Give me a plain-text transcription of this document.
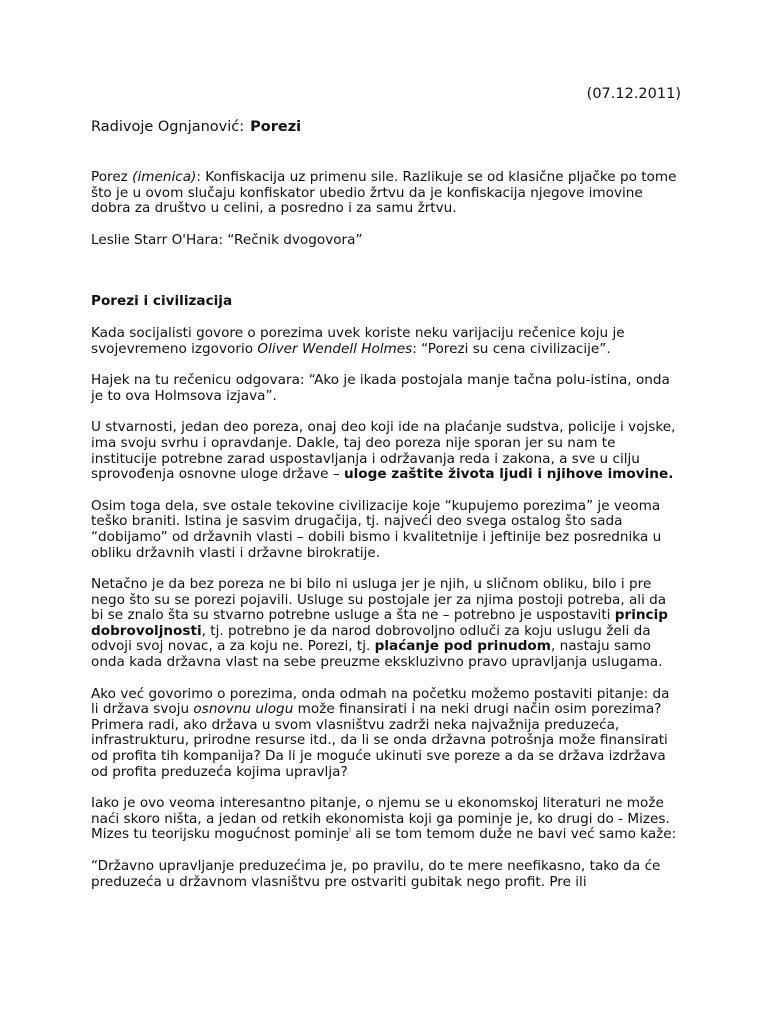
(07.12.2011)
Radivoje Ognjanović: Porezi

Porez (imenica): Konfiskacija uz primenu sile. Razlikuje se od klasične pljačke po tome što je u ovom slučaju konfiskator ubedio žrtvu da je konfiskacija njegove imovine dobra za društvo u celini, a posredno i za samu žrtvu.

Leslie Starr O'Hara: “Rečnik dvogovora”

Porezi i civilizacija

Kada socijalisti govore o porezima uvek koriste neku varijaciju rečenice koju je svojevremeno izgovorio Oliver Wendell Holmes: “Porezi su cena civilizacije”.

Hajek na tu rečenicu odgovara: “Ako je ikada postojala manje tačna polu-istina, onda je to ova Holmsova izjava”.

U stvarnosti, jedan deo poreza, onaj deo koji ide na plaćanje sudstva, policije i vojske, ima svoju svrhu i opravdanje. Dakle, taj deo poreza nije sporan jer su nam te institucije potrebne zarad uspostavljanja i održavanja reda i zakona, a sve u cilju sprovođenja osnovne uloge države – uloge zaštite života ljudi i njihove imovine.

Osim toga dela, sve ostale tekovine civilizacije koje “kupujemo porezima” je veoma teško braniti. Istina je sasvim drugačija, tj. najveći deo svega ostalog što sada “dobijamo” od državnih vlasti – dobili bismo i kvalitetnije i jeftinije bez posrednika u obliku državnih vlasti i državne birokratije.

Netačno je da bez poreza ne bi bilo ni usluga jer je njih, u sličnom obliku, bilo i pre nego što su se porezi pojavili. Usluge su postojale jer za njima postoji potreba, ali da bi se znalo šta su stvarno potrebne usluge a šta ne – potrebno je uspostaviti princip dobrovoljnosti, tj. potrebno je da narod dobrovoljno odluči za koju uslugu želi da odvoji svoj novac, a za koju ne. Porezi, tj. plaćanje pod prinudom, nastaju samo onda kada državna vlast na sebe preuzme ekskluzivno pravo upravljanja uslugama.

Ako već govorimo o porezima, onda odmah na početku možemo postaviti pitanje: da li država svoju osnovnu ulogu može finansirati i na neki drugi način osim porezima? Primera radi, ako država u svom vlasništvu zadrži neka najvažnija preduzeća, infrastrukturu, prirodne resurse itd., da li se onda državna potrošnja može finansirati od profita tih kompanija? Da li je moguće ukinuti sve poreze a da se država izdržava od profita preduzeća kojima upravlja?

Iako je ovo veoma interesantno pitanje, o njemu se u ekonomskoj literaturi ne može naći skoro ništa, a jedan od retkih ekonomista koji ga pominje je, ko drugi do - Mizes. Mizes tu teorijsku mogućnost pominje$^i$ ali se tom temom duže ne bavi već samo kaže:

“Državno upravljanje preduzećima je, po pravilu, do te mere neefikasno, tako da će preduzeća u državnom vlasništvu pre ostvariti gubitak nego profit. Pre ili
